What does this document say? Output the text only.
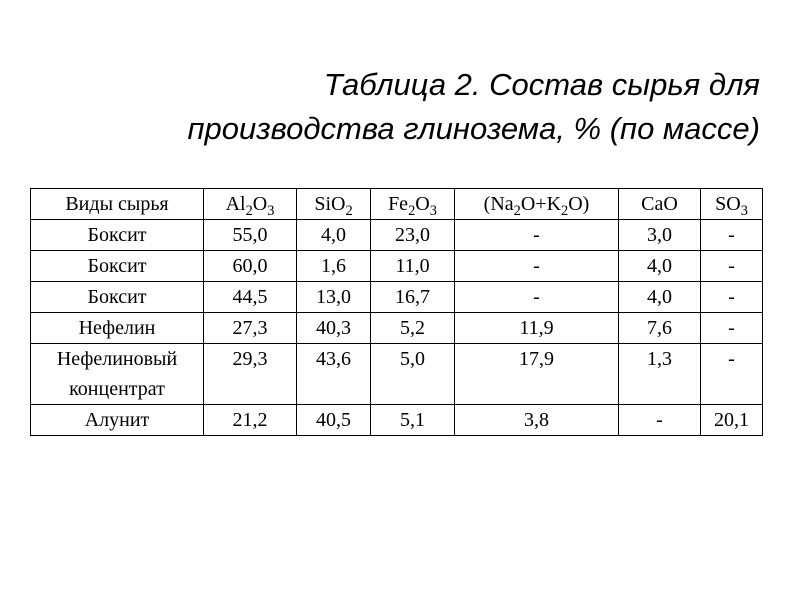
Таблица 2. Состав сырья для
производства глинозема, % (по массе)
Виды сырья	$Al_2O_3$	SiO$_2$	$Fe_2O_3$	$(Na_2O+K_2O)$	CaO	$SO_3$
Боксит	55,0	4,0	23,0	-	3,0	-
Боксит	60,0	1,6	11,0	-	4,0	-
Боксит	44,5	13,0	16,7	-	4,0	-
Нефелин	27,3	40,3	5,2	11,9	7,6	-
Нефелиновый концентрат	29,3	43,6	5,0	17,9	1,3	-
Алунит	21,2	40,5	5,1	3,8	-	20,1
